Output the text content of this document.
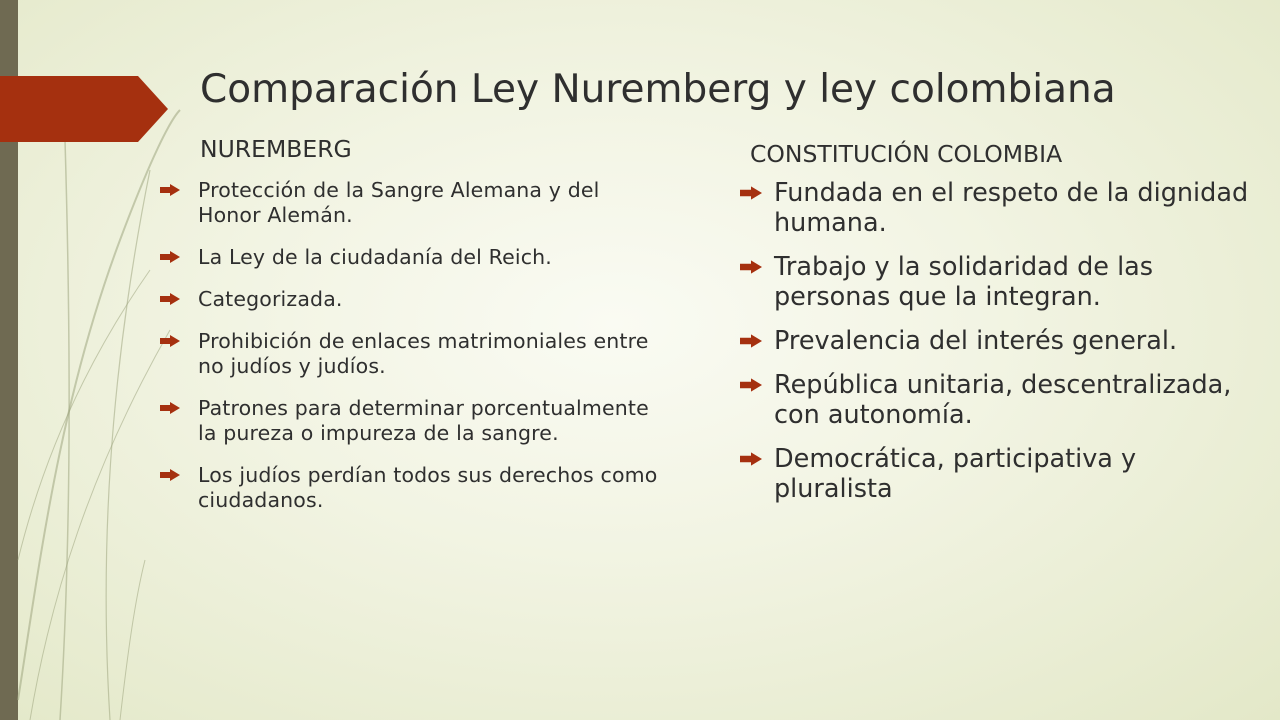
Comparación Ley Nuremberg y ley colombiana
NUREMBERG	CONSTITUCIÓN COLOMBIA
Protección de la Sangre Alemana y del Honor Alemán.
La Ley de la ciudadanía del Reich.
Categorizada.
Prohibición de enlaces matrimoniales entre no judíos y judíos.
Patrones para determinar porcentualmente la pureza o impureza de la sangre.
Los judíos perdían todos sus derechos como ciudadanos.
Fundada en el respeto de la dignidad humana.
Trabajo y la solidaridad de las personas que la integran.
Prevalencia del interés general.
República unitaria, descentralizada, con autonomía.
Democrática, participativa y pluralista
